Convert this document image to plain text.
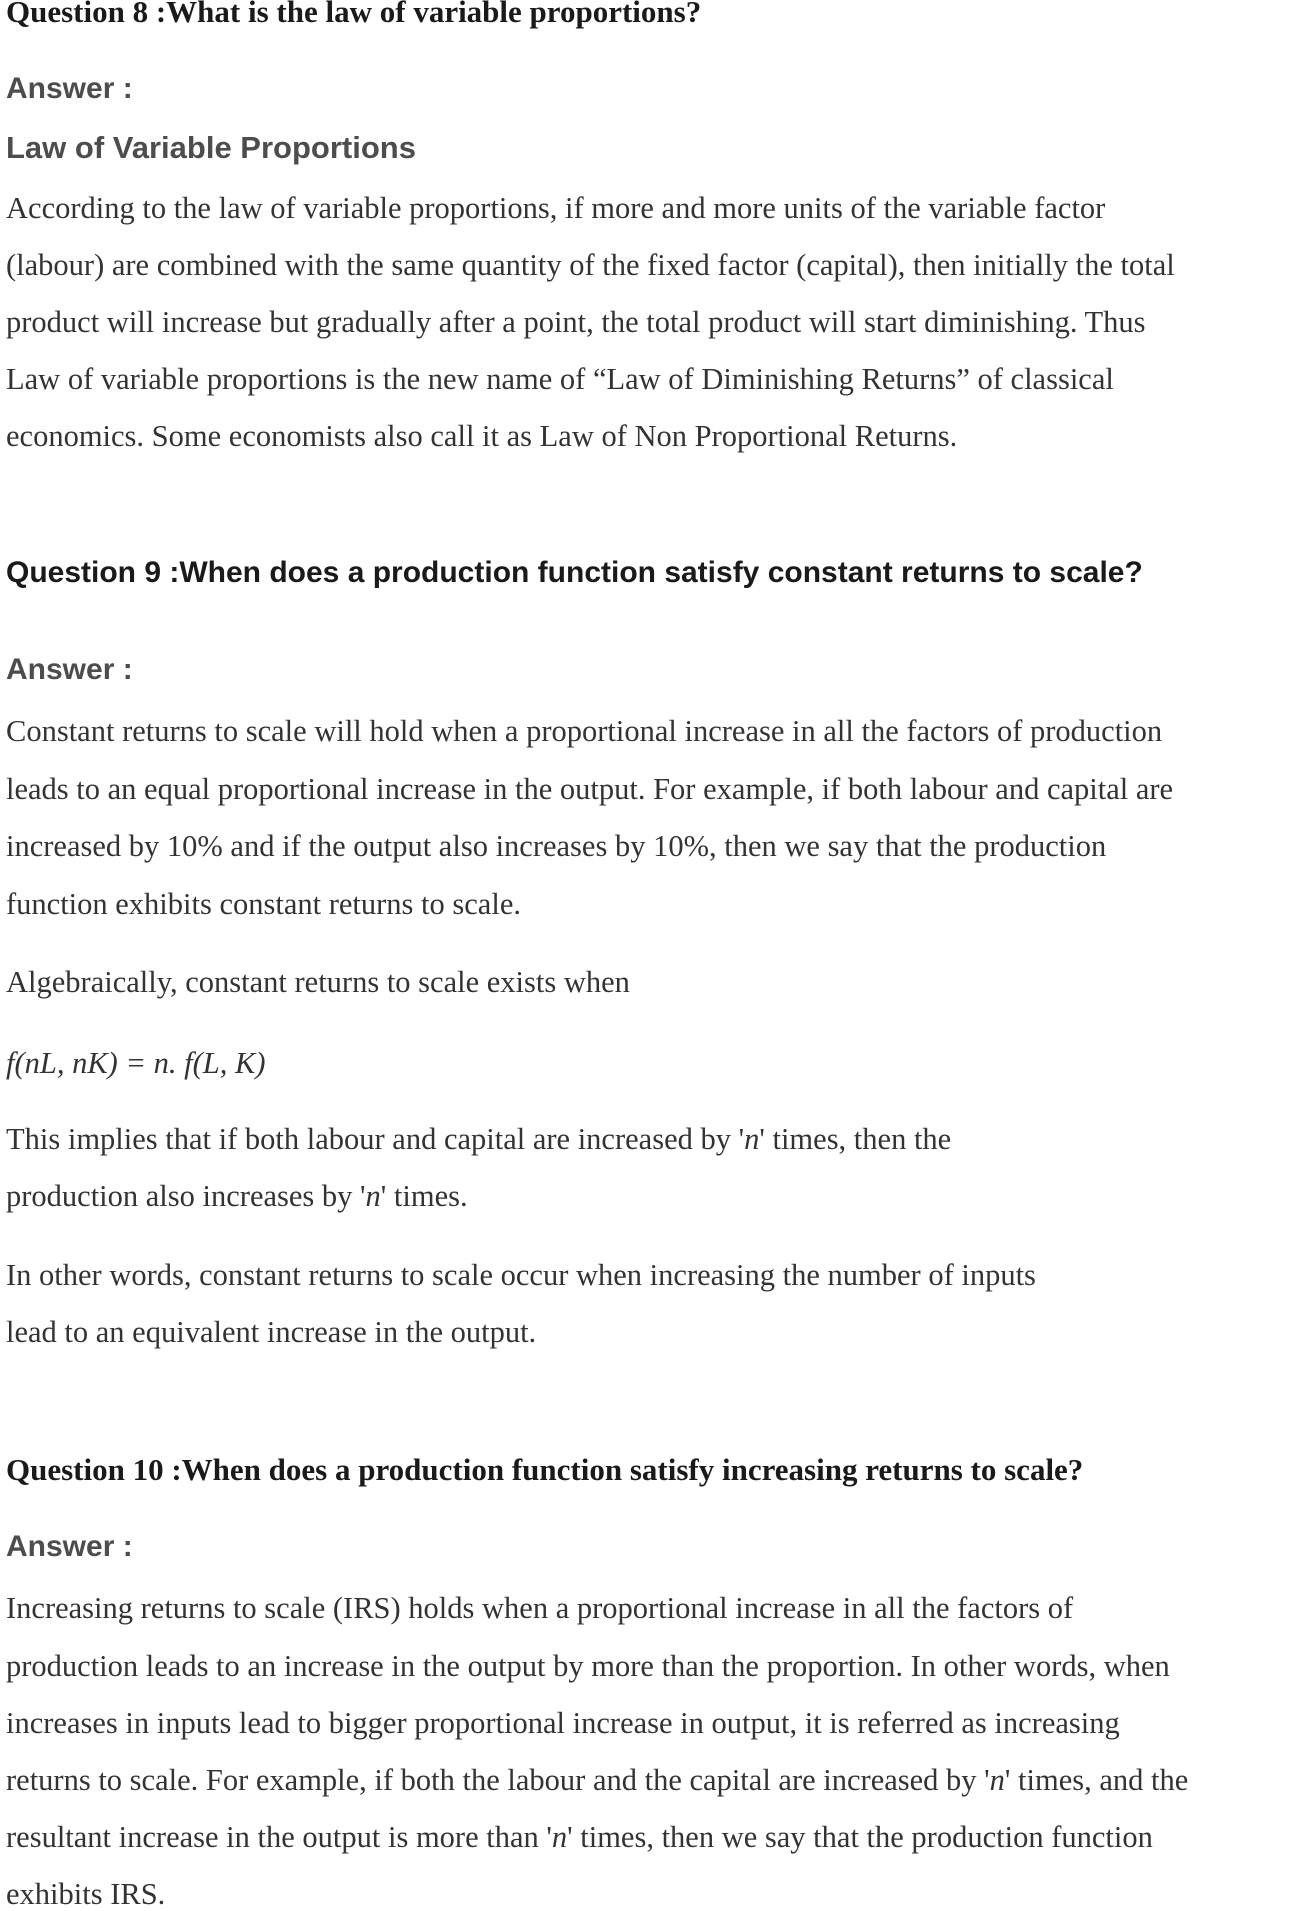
Question 8 :What is the law of variable proportions?
Answer :
Law of Variable Proportions
According to the law of variable proportions, if more and more units of the variable factor
(labour) are combined with the same quantity of the fixed factor (capital), then initially the total
product will increase but gradually after a point, the total product will start diminishing. Thus
Law of variable proportions is the new name of “Law of Diminishing Returns” of classical
economics. Some economists also call it as Law of Non Proportional Returns.
Question 9 :When does a production function satisfy constant returns to scale?
Answer :
Constant returns to scale will hold when a proportional increase in all the factors of production
leads to an equal proportional increase in the output. For example, if both labour and capital are
increased by 10% and if the output also increases by 10%, then we say that the production
function exhibits constant returns to scale.
Algebraically, constant returns to scale exists when
f(nL, nK) = n. f(L, K)
This implies that if both labour and capital are increased by 'n' times, then the
production also increases by 'n' times.
In other words, constant returns to scale occur when increasing the number of inputs
lead to an equivalent increase in the output.
Question 10 :When does a production function satisfy increasing returns to scale?
Answer :
Increasing returns to scale (IRS) holds when a proportional increase in all the factors of
production leads to an increase in the output by more than the proportion. In other words, when
increases in inputs lead to bigger proportional increase in output, it is referred as increasing
returns to scale. For example, if both the labour and the capital are increased by 'n' times, and the
resultant increase in the output is more than 'n' times, then we say that the production function
exhibits IRS.
